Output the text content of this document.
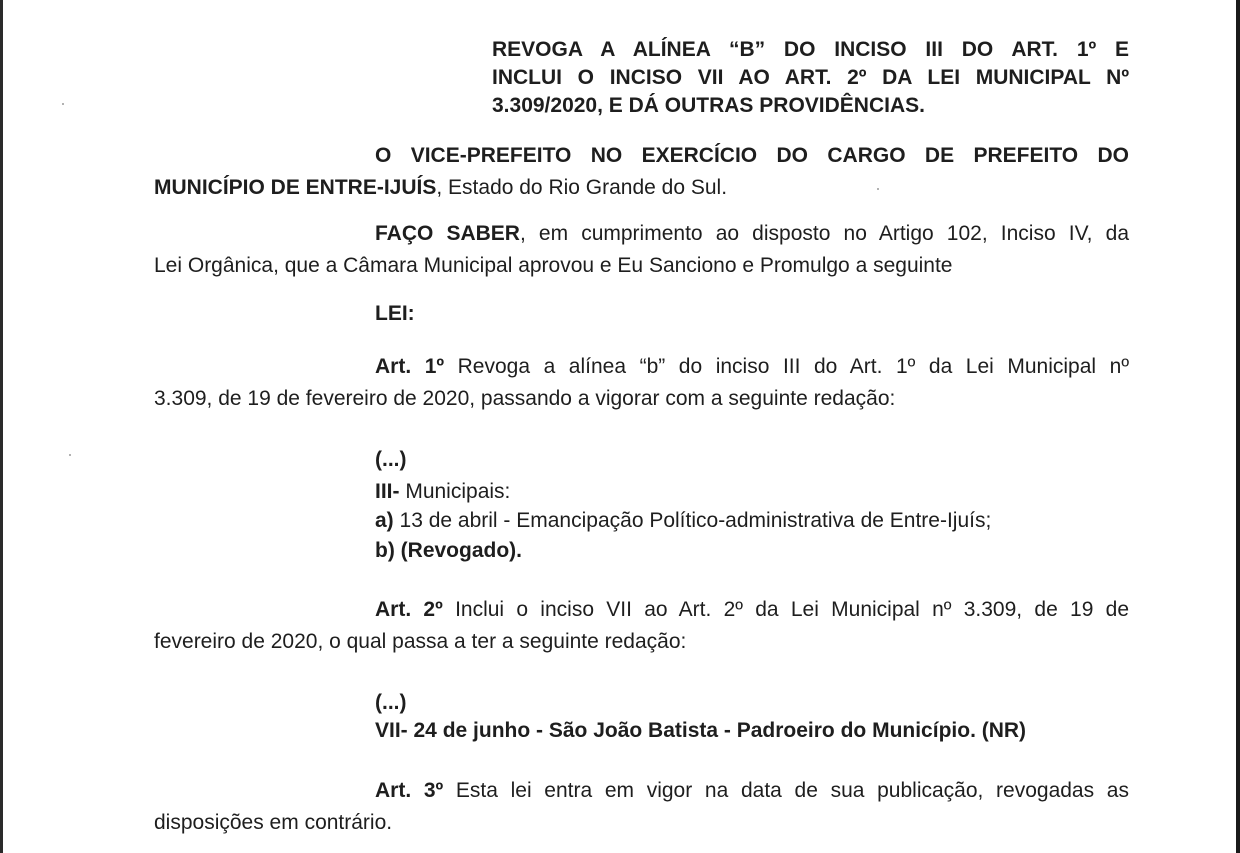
REVOGA A ALÍNEA “B” DO INCISO III DO ART. 1º E
INCLUI O INCISO VII AO ART. 2º DA LEI MUNICIPAL Nº
3.309/2020, E DÁ OUTRAS PROVIDÊNCIAS.
O VICE-PREFEITO NO EXERCÍCIO DO CARGO DE PREFEITO DO
MUNICÍPIO DE ENTRE-IJUÍS, Estado do Rio Grande do Sul.
FAÇO SABER, em cumprimento ao disposto no Artigo 102, Inciso IV, da
Lei Orgânica, que a Câmara Municipal aprovou e Eu Sanciono e Promulgo a seguinte
LEI:
Art. 1º Revoga a alínea “b” do inciso III do Art. 1º da Lei Municipal nº
3.309, de 19 de fevereiro de 2020, passando a vigorar com a seguinte redação:
(...)
III- Municipais:
a) 13 de abril - Emancipação Político-administrativa de Entre-Ijuís;
b) (Revogado).
Art. 2º Inclui o inciso VII ao Art. 2º da Lei Municipal nº 3.309, de 19 de
fevereiro de 2020, o qual passa a ter a seguinte redação:
(...)
VII- 24 de junho - São João Batista - Padroeiro do Município. (NR)
Art. 3º Esta lei entra em vigor na data de sua publicação, revogadas as
disposições em contrário.
